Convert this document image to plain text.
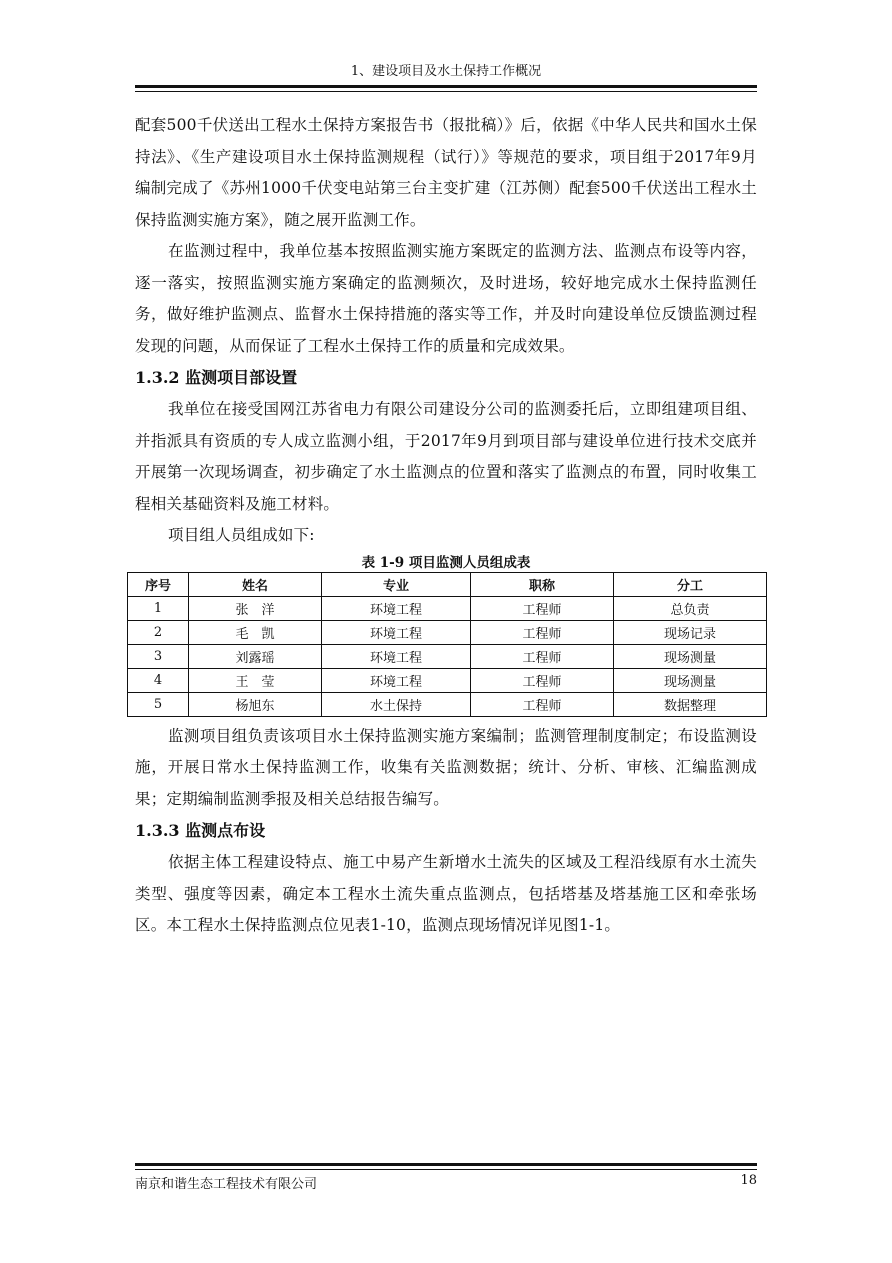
1、建设项目及水土保持工作概况

配套500千伏送出工程水土保持方案报告书（报批稿）》后，依据《中华人民共和国水土保持法》、《生产建设项目水土保持监测规程（试行）》等规范的要求，项目组于2017年9月编制完成了《苏州1000千伏变电站第三台主变扩建（江苏侧）配套500千伏送出工程水土保持监测实施方案》，随之展开监测工作。

在监测过程中，我单位基本按照监测实施方案既定的监测方法、监测点布设等内容，逐一落实，按照监测实施方案确定的监测频次，及时进场，较好地完成水土保持监测任务，做好维护监测点、监督水土保持措施的落实等工作，并及时向建设单位反馈监测过程发现的问题，从而保证了工程水土保持工作的质量和完成效果。

1.3.2 监测项目部设置

我单位在接受国网江苏省电力有限公司建设分公司的监测委托后，立即组建项目组、并指派具有资质的专人成立监测小组，于2017年9月到项目部与建设单位进行技术交底并开展第一次现场调查，初步确定了水土监测点的位置和落实了监测点的布置，同时收集工程相关基础资料及施工材料。

项目组人员组成如下:

表 1-9 项目监测人员组成表

序号	姓名	专业	职称	分工
1	张　洋	环境工程	工程师	总负责
2	毛　凯	环境工程	工程师	现场记录
3	刘露瑶	环境工程	工程师	现场测量
4	王　莹	环境工程	工程师	现场测量
5	杨旭东	水土保持	工程师	数据整理

监测项目组负责该项目水土保持监测实施方案编制；监测管理制度制定；布设监测设施，开展日常水土保持监测工作，收集有关监测数据；统计、分析、审核、汇编监测成果；定期编制监测季报及相关总结报告编写。

1.3.3 监测点布设

依据主体工程建设特点、施工中易产生新增水土流失的区域及工程沿线原有水土流失类型、强度等因素，确定本工程水土流失重点监测点，包括塔基及塔基施工区和牵张场区。本工程水土保持监测点位见表1-10，监测点现场情况详见图1-1。

南京和谐生态工程技术有限公司	18
